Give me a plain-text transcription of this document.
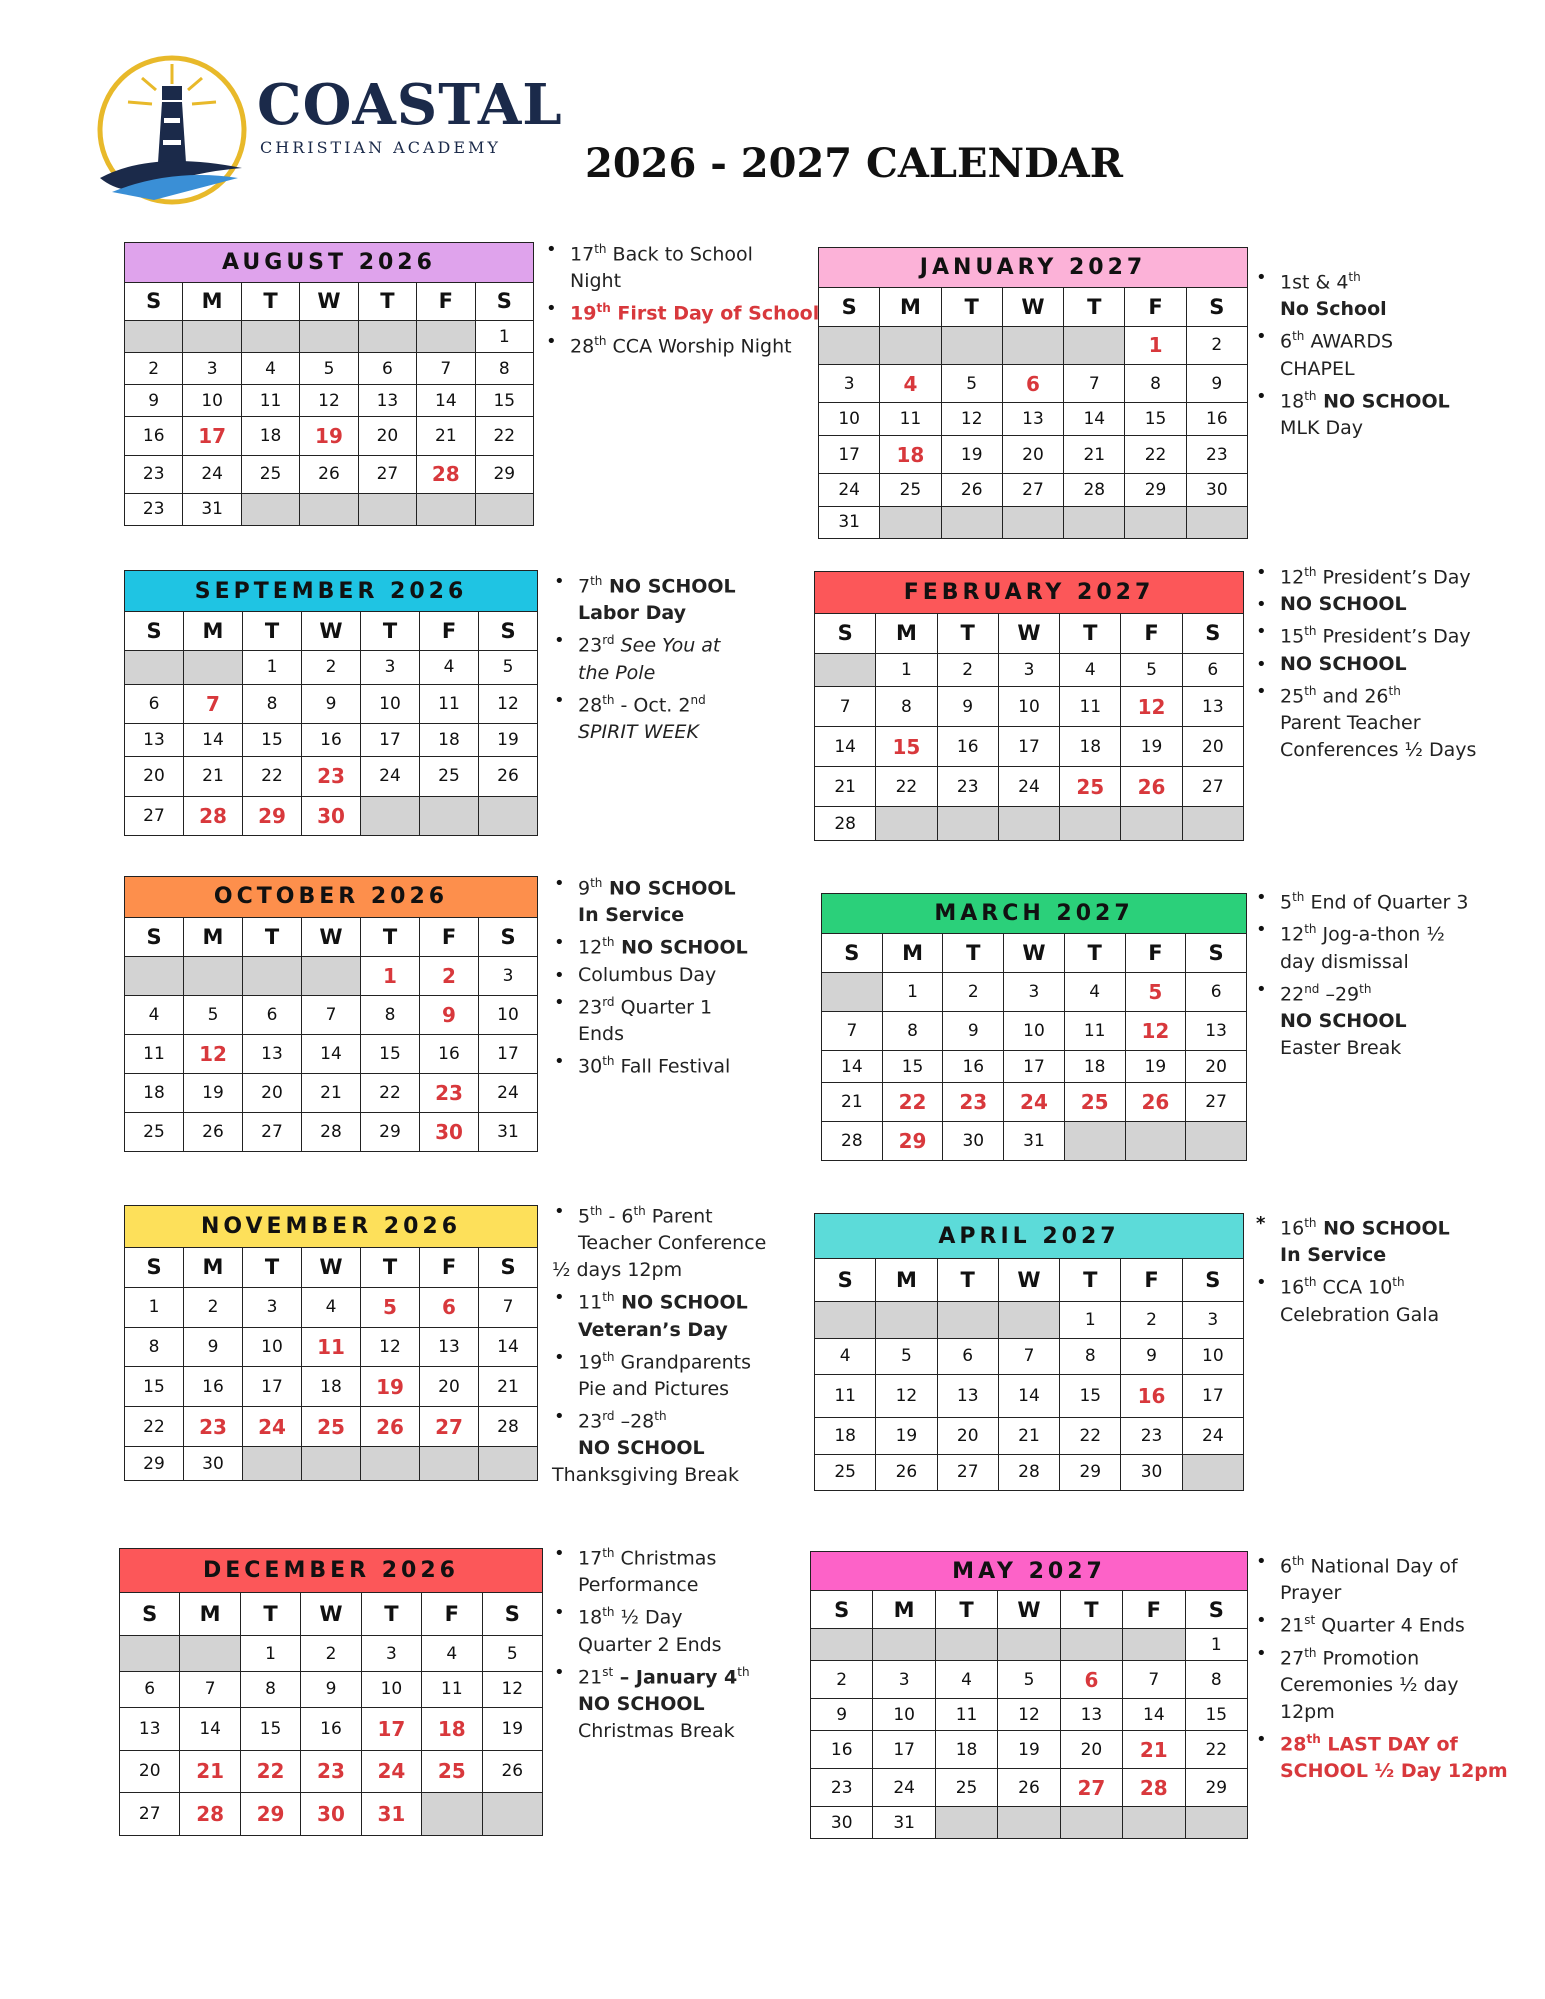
COASTAL
CHRISTIAN ACADEMY 2026 - 2027 CALENDAR
AUGUST 2026						
S	M	T	W	T	F	S
						1
2	3	4	5	6	7	8
9	10	11	12	13	14	15
16	17	18	19	20	21	22
23	24	25	26	27	28	29
23	31					
SEPTEMBER 2026						
S	M	T	W	T	F	S
		1	2	3	4	5
6	7	8	9	10	11	12
13	14	15	16	17	18	19
20	21	22	23	24	25	26
27	28	29	30			
OCTOBER 2026						
S	M	T	W	T	F	S
				1	2	3
4	5	6	7	8	9	10
11	12	13	14	15	16	17
18	19	20	21	22	23	24
25	26	27	28	29	30	31
NOVEMBER 2026						
S	M	T	W	T	F	S
1	2	3	4	5	6	7
8	9	10	11	12	13	14
15	16	17	18	19	20	21
22	23	24	25	26	27	28
29	30					
DECEMBER 2026						
S	M	T	W	T	F	S
		1	2	3	4	5
6	7	8	9	10	11	12
13	14	15	16	17	18	19
20	21	22	23	24	25	26
27	28	29	30	31		
JANUARY 2027						
S	M	T	W	T	F	S
					1	2
3	4	5	6	7	8	9
10	11	12	13	14	15	16
17	18	19	20	21	22	23
24	25	26	27	28	29	30
31						
FEBRUARY 2027						
S	M	T	W	T	F	S
	1	2	3	4	5	6
7	8	9	10	11	12	13
14	15	16	17	18	19	20
21	22	23	24	25	26	27
28						
MARCH 2027						
S	M	T	W	T	F	S
	1	2	3	4	5	6
7	8	9	10	11	12	13
14	15	16	17	18	19	20
21	22	23	24	25	26	27
28	29	30	31			
APRIL 2027						
S	M	T	W	T	F	S
				1	2	3
4	5	6	7	8	9	10
11	12	13	14	15	16	17
18	19	20	21	22	23	24
25	26	27	28	29	30	
MAY 2027						
S	M	T	W	T	F	S
						1
2	3	4	5	6	7	8
9	10	11	12	13	14	15
16	17	18	19	20	21	22
23	24	25	26	27	28	29
30	31					
• 17th Back to School
Night
• 19th First Day of School
• 28th CCA Worship Night
• 7th NO SCHOOL
Labor Day
• 23rd See You at
the Pole
• 28th - Oct. 2nd
SPIRIT WEEK
• 9th NO SCHOOL
In Service
• 12th NO SCHOOL
• Columbus Day
• 23rd Quarter 1
Ends
• 30th Fall Festival
• 5th - 6th Parent
Teacher Conference
½ days 12pm
• 11th NO SCHOOL
Veteran’s Day
• 19th Grandparents
Pie and Pictures
• 23rd –28th
NO SCHOOL
Thanksgiving Break
• 17th Christmas
Performance
• 18th ½ Day
Quarter 2 Ends
• 21st – January 4th
NO SCHOOL
Christmas Break
• 1st & 4th
No School
• 6th AWARDS
CHAPEL
• 18th NO SCHOOL
MLK Day
• 12th President’s Day
• NO SCHOOL
• 15th President’s Day
• NO SCHOOL
• 25th and 26th
Parent Teacher
Conferences ½ Days
• 5th End of Quarter 3
• 12th Jog-a-thon ½
day dismissal
• 22nd –29th
NO SCHOOL
Easter Break
* 16th NO SCHOOL
In Service
• 16th CCA 10th
Celebration Gala
• 6th National Day of
Prayer
• 21st Quarter 4 Ends
• 27th Promotion
Ceremonies ½ day
12pm
• 28th LAST DAY of
SCHOOL ½ Day 12pm
